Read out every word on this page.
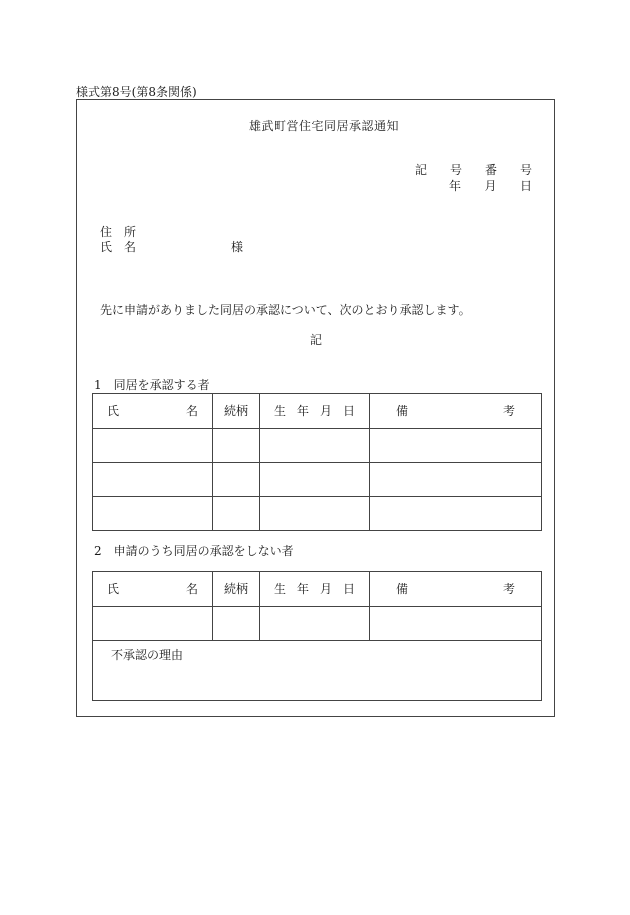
様式第8号(第8条関係)
雄武町営住宅同居承認通知
記 号 番 号
年 月 日
住　所
氏　名	様
先に申請がありました同居の承認について、次のとおり承認します。
記
1　同居を承認する者
氏 名	続柄	生 年 月 日	備 考

2　申請のうち同居の承認をしない者
氏 名	続柄	生 年 月 日	備 考

不承認の理由			
